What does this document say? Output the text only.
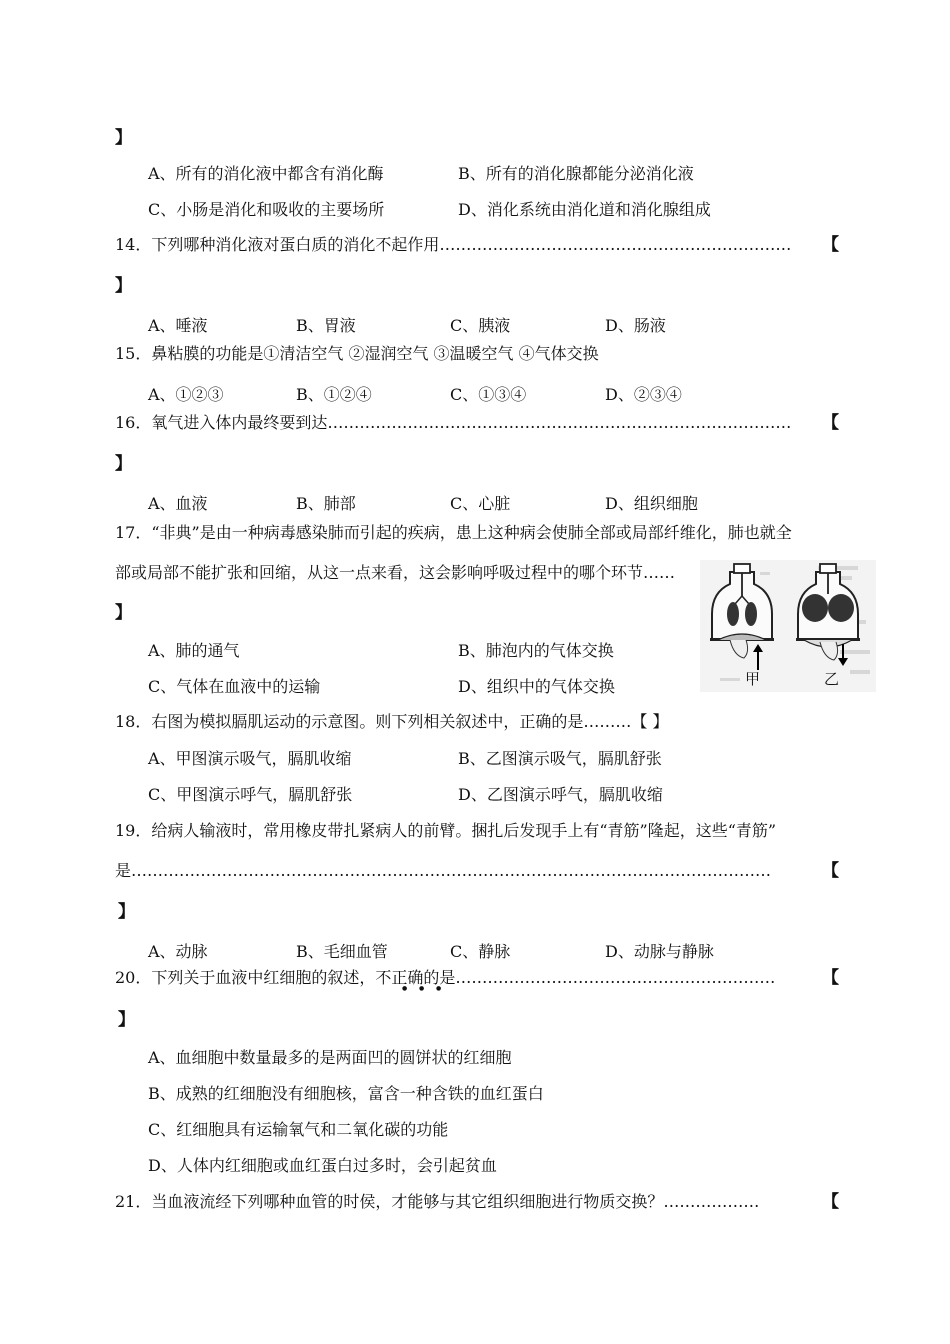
】
A、所有的消化液中都含有消化酶	B、所有的消化腺都能分泌消化液
C、小肠是消化和吸收的主要场所	D、消化系统由消化道和消化腺组成
14．下列哪种消化液对蛋白质的消化不起作用…………………………………………………………	【
】
A、唾液	B、胃液	C、胰液	D、肠液
15．鼻粘膜的功能是①清洁空气 ②湿润空气 ③温暖空气 ④气体交换
A、①②③	B、①②④	C、①③④	D、②③④
16．氧气进入体内最终要到达……………………………………………………………………………	【
】
A、血液	B、肺部	C、心脏	D、组织细胞
17．“非典”是由一种病毒感染肺而引起的疾病，患上这种病会使肺全部或局部纤维化，肺也就全
部或局部不能扩张和回缩，从这一点来看，这会影响呼吸过程中的哪个环节……
】
A、肺的通气	B、肺泡内的气体交换
C、气体在血液中的运输	D、组织中的气体交换	甲	乙
18．右图为模拟膈肌运动的示意图。则下列相关叙述中，正确的是………【 】
A、甲图演示吸气，膈肌收缩	B、乙图演示吸气，膈肌舒张
C、甲图演示呼气，膈肌舒张	D、乙图演示呼气，膈肌收缩
19．给病人输液时，常用橡皮带扎紧病人的前臂。捆扎后发现手上有“青筋”隆起，这些“青筋”
是…………………………………………………………………………………………………………	【
】
A、动脉	B、毛细血管	C、静脉	D、动脉与静脉
20．下列关于血液中红细胞的叙述，不正确的是……………………………………………………
● ● ●
【
】
A、血细胞中数量最多的是两面凹的圆饼状的红细胞
B、成熟的红细胞没有细胞核，富含一种含铁的血红蛋白
C、红细胞具有运输氧气和二氧化碳的功能
D、人体内红细胞或血红蛋白过多时，会引起贫血
21．当血液流经下列哪种血管的时侯，才能够与其它组织细胞进行物质交换？………………	【
